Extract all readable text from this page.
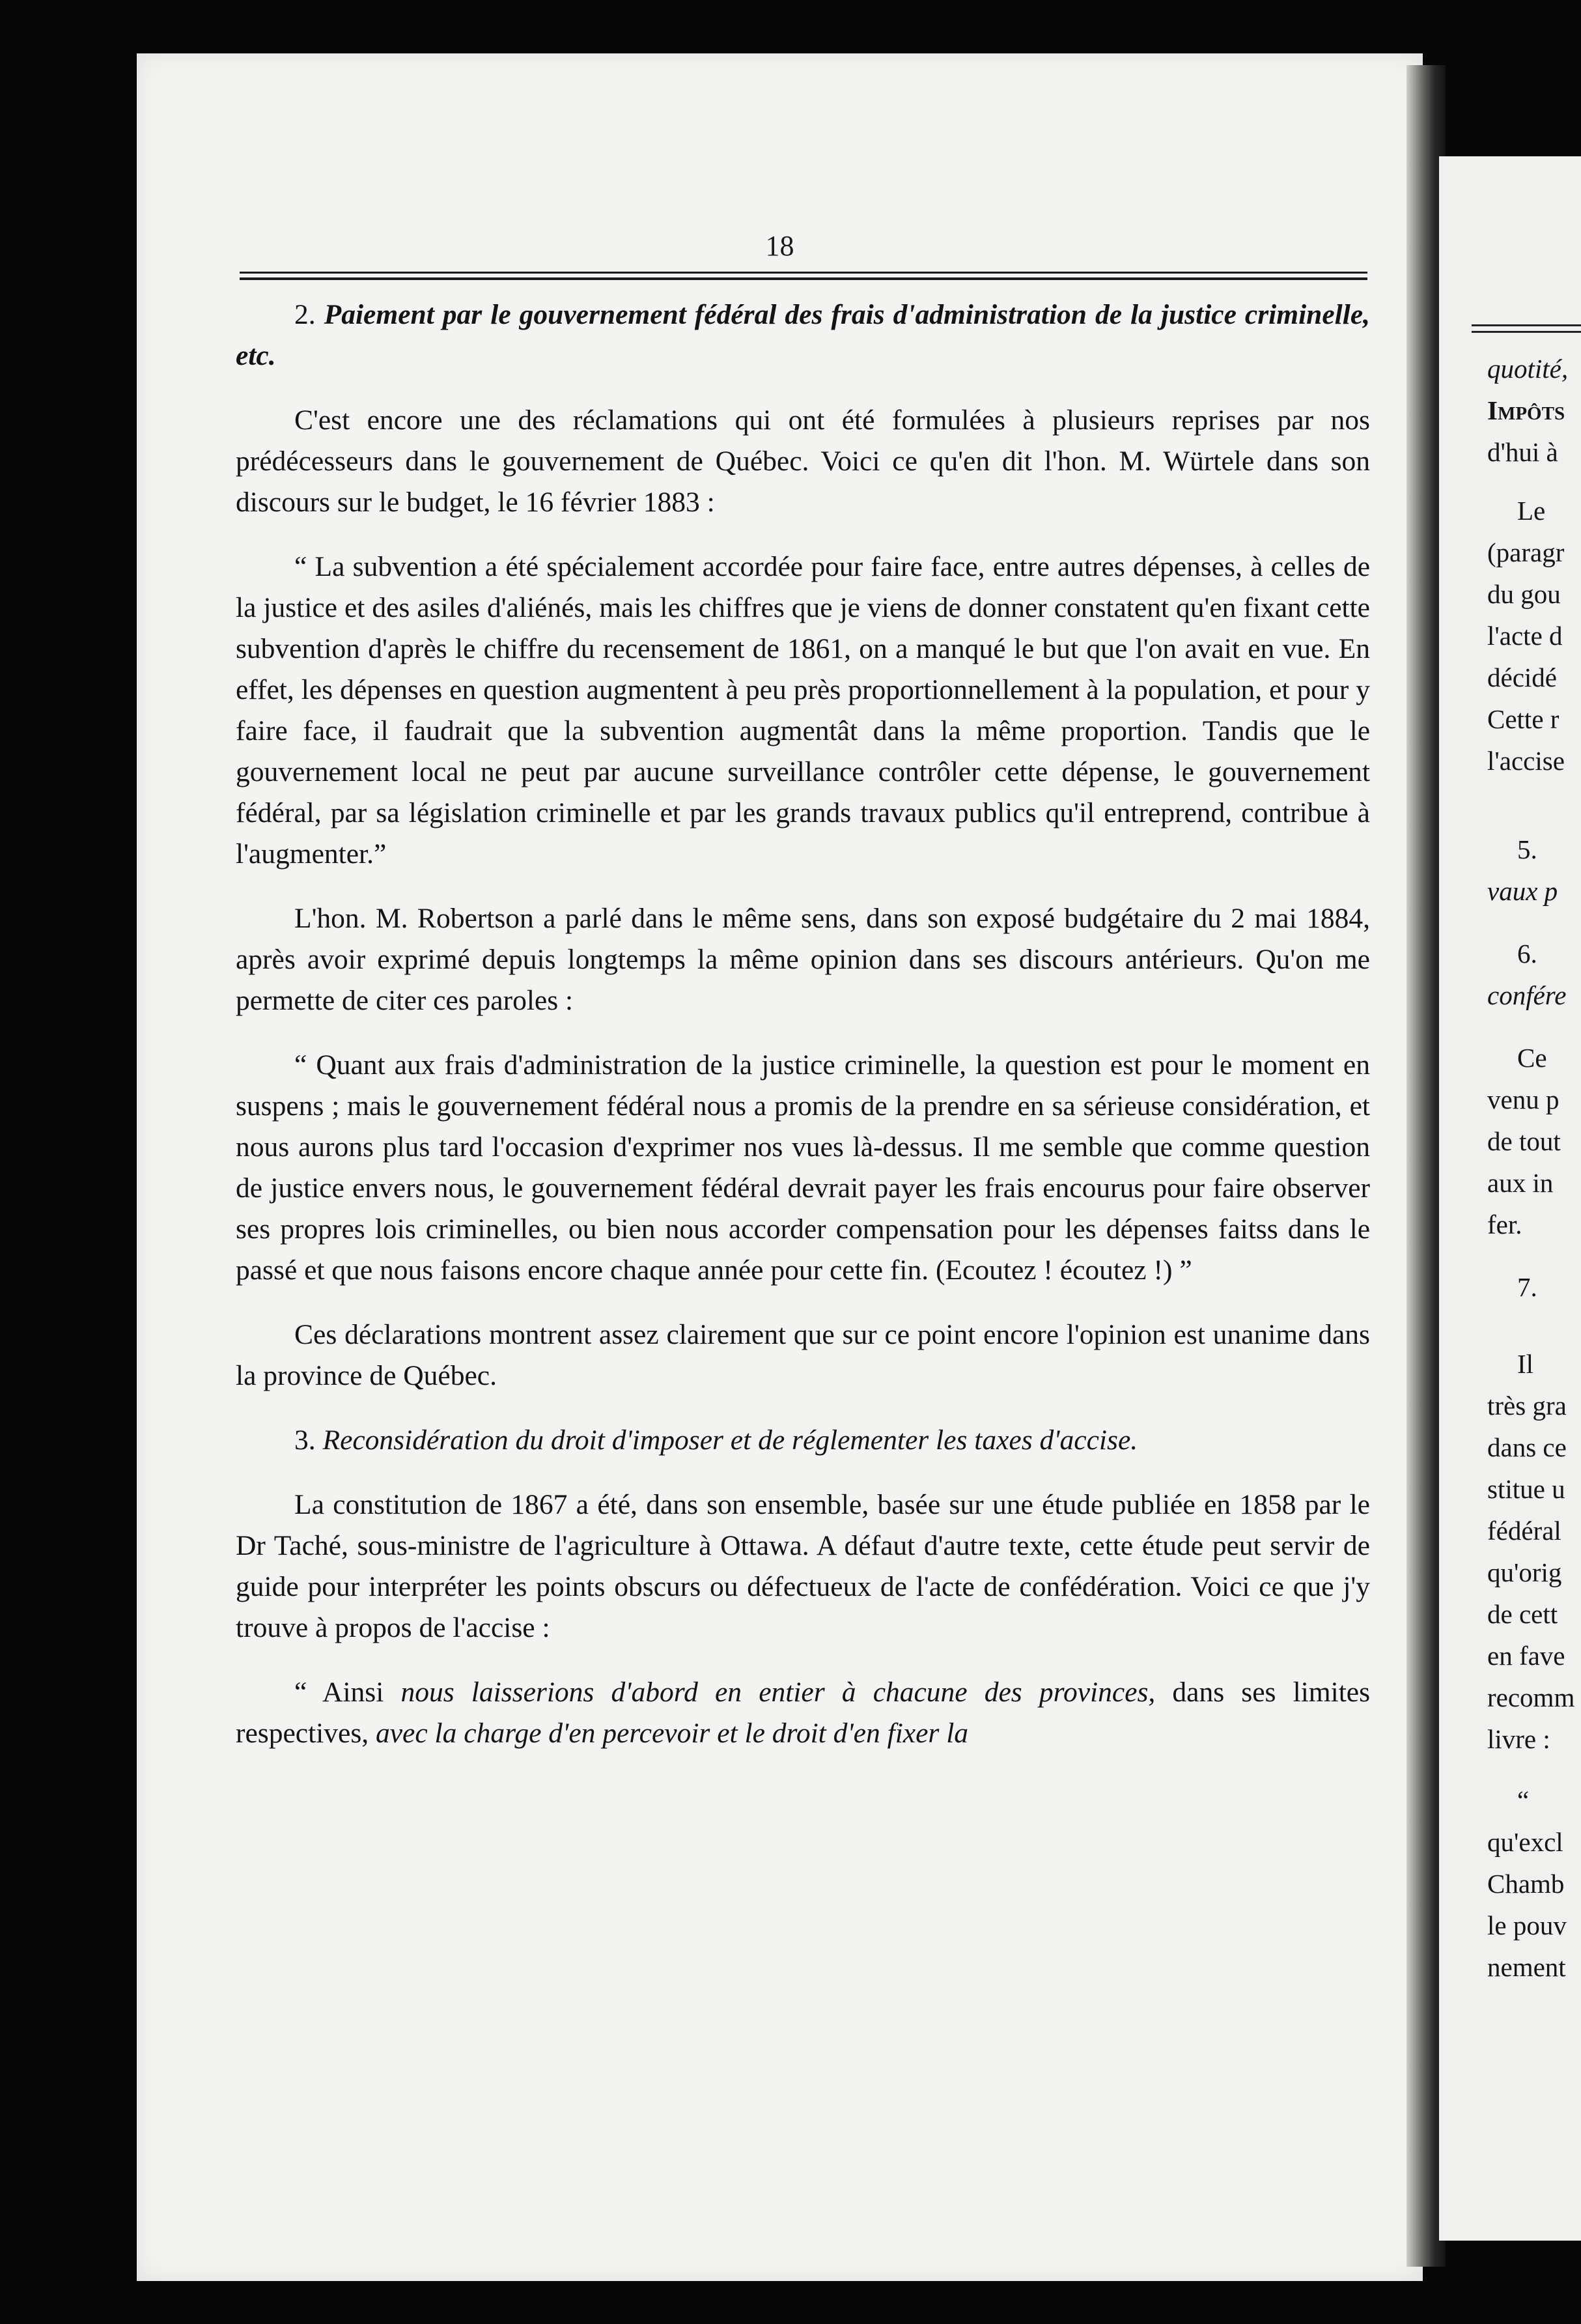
18

2. Paiement par le gouvernement fédéral des frais d'administration de la justice criminelle, etc.

C'est encore une des réclamations qui ont été formulées à plusieurs reprises par nos prédécesseurs dans le gouvernement de Québec. Voici ce qu'en dit l'hon. M. Würtele dans son discours sur le budget, le 16 février 1883 :

“ La subvention a été spécialement accordée pour faire face, entre autres dépenses, à celles de la justice et des asiles d'aliénés, mais les chiffres que je viens de donner constatent qu'en fixant cette subvention d'après le chiffre du recensement de 1861, on a manqué le but que l'on avait en vue. En effet, les dépenses en question augmentent à peu près proportionnellement à la population, et pour y faire face, il faudrait que la subvention augmentât dans la même proportion. Tandis que le gouvernement local ne peut par aucune surveillance contrôler cette dépense, le gouvernement fédéral, par sa législation criminelle et par les grands travaux publics qu'il entreprend, contribue à l'augmenter.”

L'hon. M. Robertson a parlé dans le même sens, dans son exposé budgétaire du 2 mai 1884, après avoir exprimé depuis longtemps la même opinion dans ses discours antérieurs. Qu'on me permette de citer ces paroles :

“ Quant aux frais d'administration de la justice criminelle, la question est pour le moment en suspens ; mais le gouvernement fédéral nous a promis de la prendre en sa sérieuse considération, et nous aurons plus tard l'occasion d'exprimer nos vues là-dessus. Il me semble que comme question de justice envers nous, le gouvernement fédéral devrait payer les frais encourus pour faire observer ses propres lois criminelles, ou bien nous accorder compensation pour les dépenses faitss dans le passé et que nous faisons encore chaque année pour cette fin. (Ecoutez ! écoutez !) ”

Ces déclarations montrent assez clairement que sur ce point encore l'opinion est unanime dans la province de Québec.

3. Reconsidération du droit d'imposer et de réglementer les taxes d'accise.

La constitution de 1867 a été, dans son ensemble, basée sur une étude publiée en 1858 par le Dr Taché, sous-ministre de l'agriculture à Ottawa. A défaut d'autre texte, cette étude peut servir de guide pour interpréter les points obscurs ou défectueux de l'acte de confédération. Voici ce que j'y trouve à propos de l'accise :

“ Ainsi nous laisserions d'abord en entier à chacune des provinces, dans ses limites respectives, avec la charge d'en percevoir et le droit d'en fixer la

quotité,
Impôts
d'hui à
Le
(paragr
du gou
l'acte d
décidé
Cette r
l'accise
5.
vaux p
6.
confére
Ce
venu p
de tout
aux in
fer.
7.
Il
très gra
dans ce
stitue u
fédéral
qu'orig
de cett
en fave
recomm
livre :
“
qu'excl
Chamb
le pouv
nement
